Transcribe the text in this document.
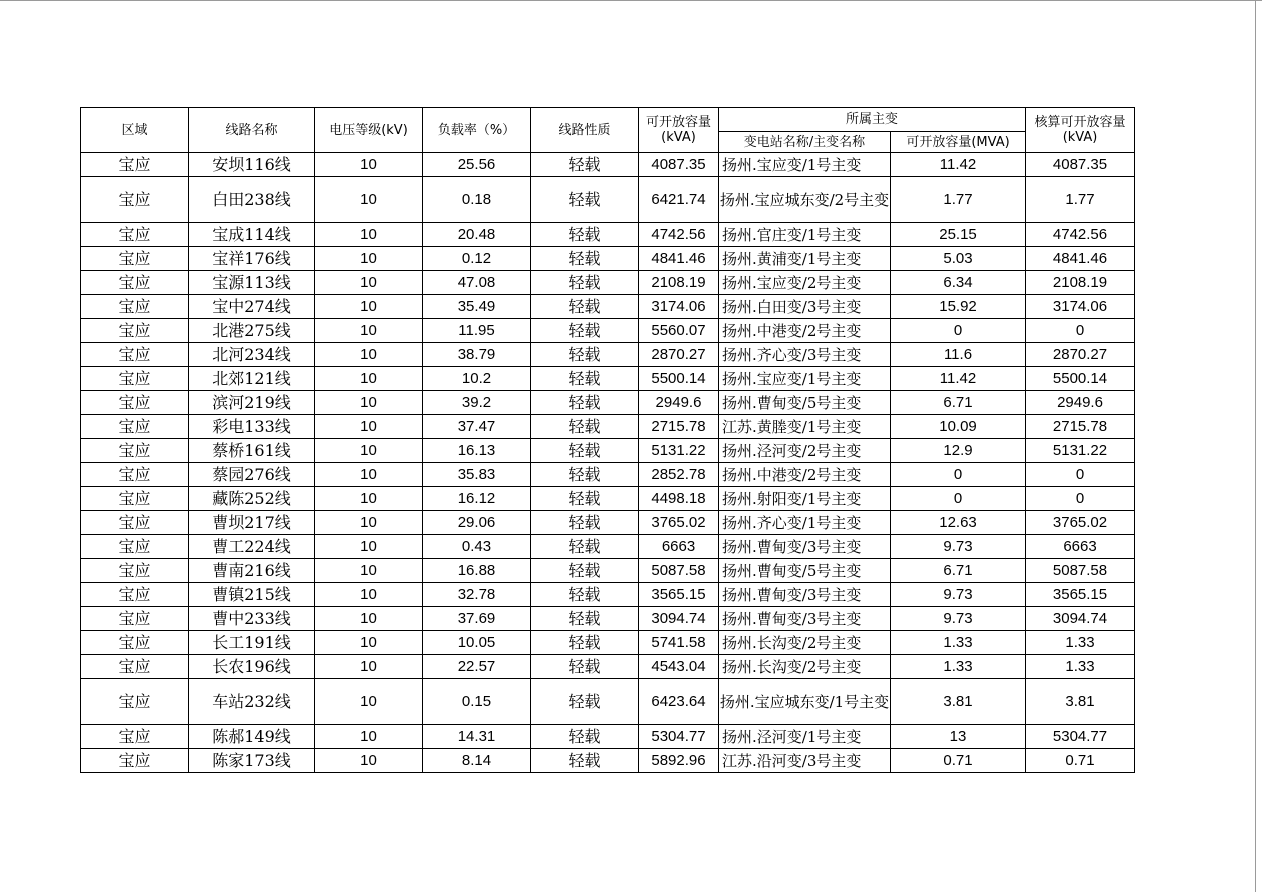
区域	线路名称	电压等级(kV)	负载率（%）	线路性质	可开放容量(kVA)	所属主变		核算可开放容量(kVA)
						变电站名称/主变名称	可开放容量(MVA)	
宝应	安坝116线	10	25.56	轻载	4087.35	扬州.宝应变/1号主变	11.42	4087.35
宝应	白田238线	10	0.18	轻载	6421.74	扬州.宝应城东变/2号主变	1.77	1.77
宝应	宝成114线	10	20.48	轻载	4742.56	扬州.官庄变/1号主变	25.15	4742.56
宝应	宝祥176线	10	0.12	轻载	4841.46	扬州.黄浦变/1号主变	5.03	4841.46
宝应	宝源113线	10	47.08	轻载	2108.19	扬州.宝应变/2号主变	6.34	2108.19
宝应	宝中274线	10	35.49	轻载	3174.06	扬州.白田变/3号主变	15.92	3174.06
宝应	北港275线	10	11.95	轻载	5560.07	扬州.中港变/2号主变	0	0
宝应	北河234线	10	38.79	轻载	2870.27	扬州.齐心变/3号主变	11.6	2870.27
宝应	北郊121线	10	10.2	轻载	5500.14	扬州.宝应变/1号主变	11.42	5500.14
宝应	滨河219线	10	39.2	轻载	2949.6	扬州.曹甸变/5号主变	6.71	2949.6
宝应	彩电133线	10	37.47	轻载	2715.78	江苏.黄塍变/1号主变	10.09	2715.78
宝应	蔡桥161线	10	16.13	轻载	5131.22	扬州.泾河变/2号主变	12.9	5131.22
宝应	蔡园276线	10	35.83	轻载	2852.78	扬州.中港变/2号主变	0	0
宝应	藏陈252线	10	16.12	轻载	4498.18	扬州.射阳变/1号主变	0	0
宝应	曹坝217线	10	29.06	轻载	3765.02	扬州.齐心变/1号主变	12.63	3765.02
宝应	曹工224线	10	0.43	轻载	6663	扬州.曹甸变/3号主变	9.73	6663
宝应	曹南216线	10	16.88	轻载	5087.58	扬州.曹甸变/5号主变	6.71	5087.58
宝应	曹镇215线	10	32.78	轻载	3565.15	扬州.曹甸变/3号主变	9.73	3565.15
宝应	曹中233线	10	37.69	轻载	3094.74	扬州.曹甸变/3号主变	9.73	3094.74
宝应	长工191线	10	10.05	轻载	5741.58	扬州.长沟变/2号主变	1.33	1.33
宝应	长农196线	10	22.57	轻载	4543.04	扬州.长沟变/2号主变	1.33	1.33
宝应	车站232线	10	0.15	轻载	6423.64	扬州.宝应城东变/1号主变	3.81	3.81
宝应	陈郝149线	10	14.31	轻载	5304.77	扬州.泾河变/1号主变	13	5304.77
宝应	陈家173线	10	8.14	轻载	5892.96	江苏.沿河变/3号主变	0.71	0.71
